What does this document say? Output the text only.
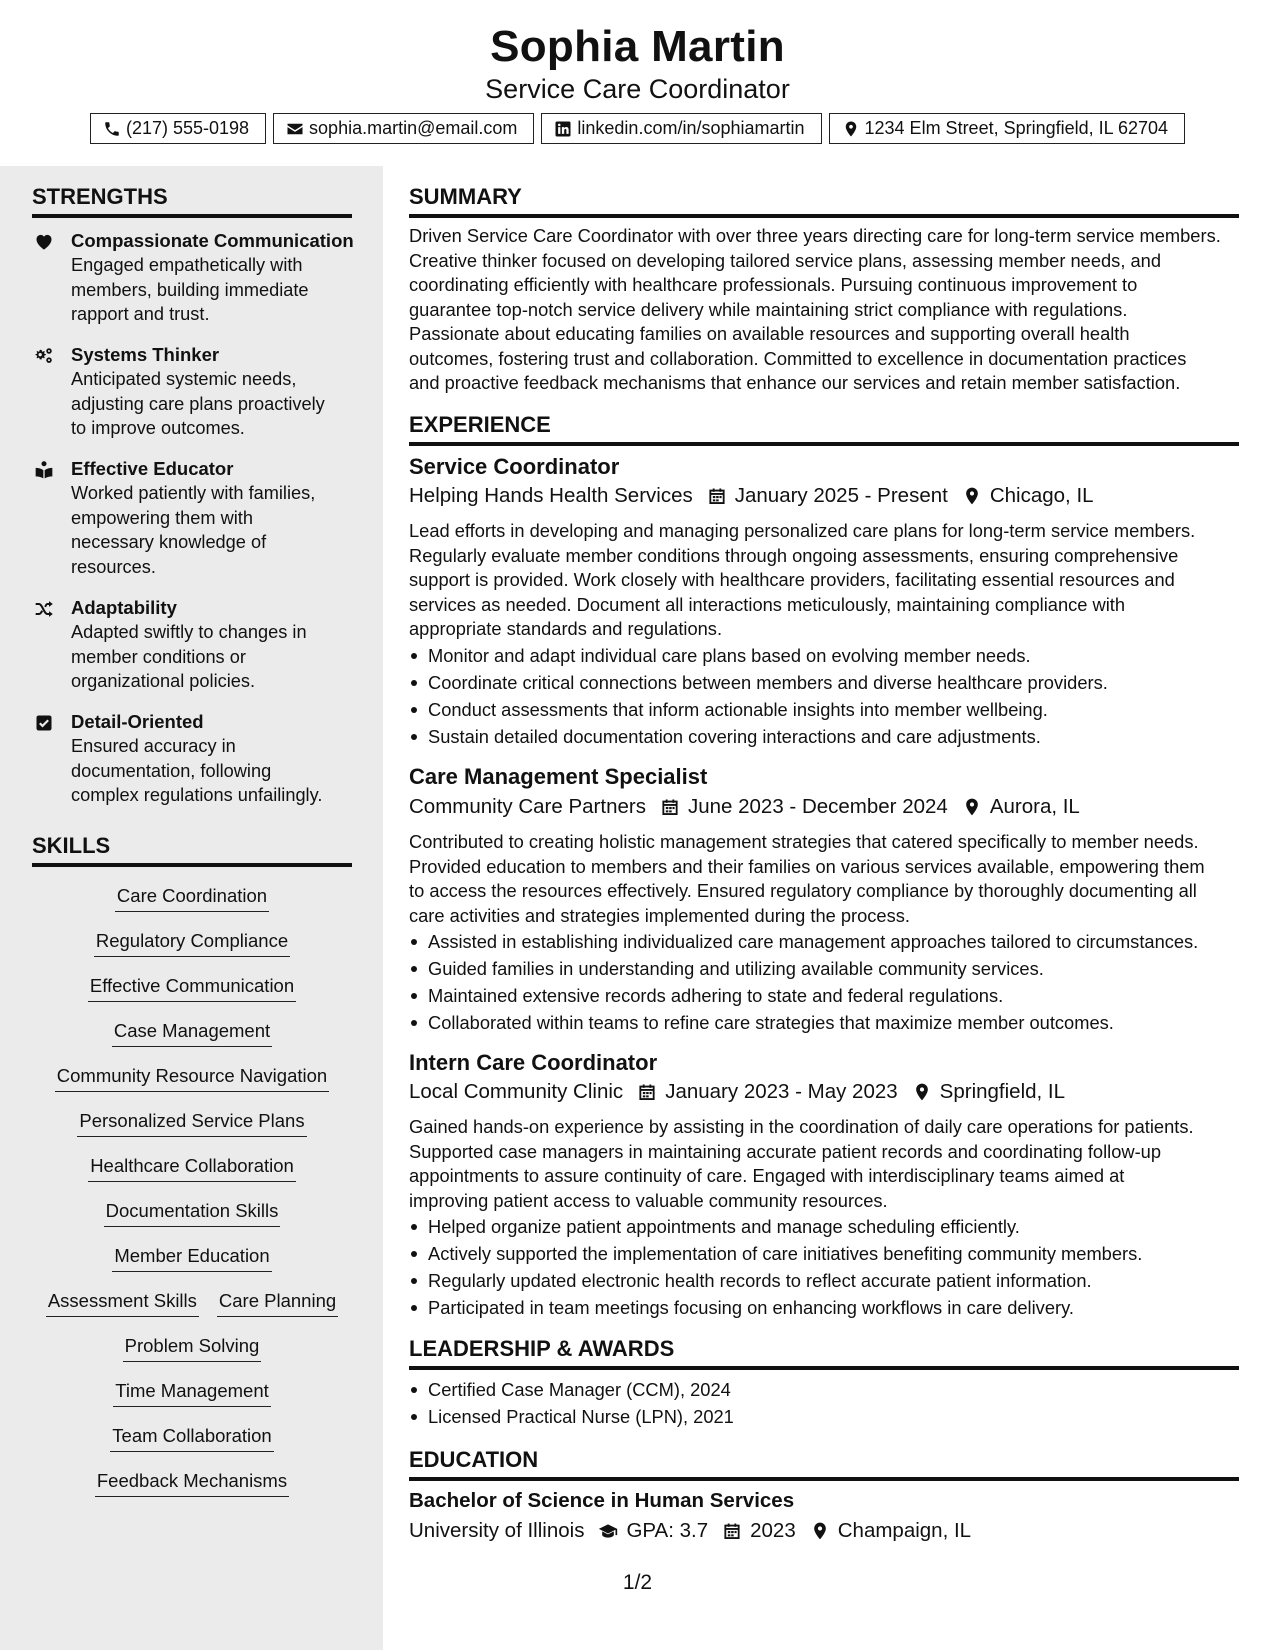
Sophia Martin
Service Care Coordinator
(217) 555-0198	sophia.martin@email.com	linkedin.com/in/sophiamartin	1234 Elm Street, Springfield, IL 62704
STRENGTHS
Compassionate Communication
Engaged empathetically with
members, building immediate
rapport and trust.
Systems Thinker
Anticipated systemic needs,
adjusting care plans proactively
to improve outcomes.
Effective Educator
Worked patiently with families,
empowering them with
necessary knowledge of
resources.
Adaptability
Adapted swiftly to changes in
member conditions or
organizational policies.
Detail-Oriented
Ensured accuracy in
documentation, following
complex regulations unfailingly.
SKILLS
Care Coordination
Regulatory Compliance
Effective Communication
Case Management
Community Resource Navigation
Personalized Service Plans
Healthcare Collaboration
Documentation Skills
Member Education
Assessment Skills Care Planning
Problem Solving
Time Management
Team Collaboration
Feedback Mechanisms
SUMMARY
Driven Service Care Coordinator with over three years directing care for long-term service members.
Creative thinker focused on developing tailored service plans, assessing member needs, and
coordinating efficiently with healthcare professionals. Pursuing continuous improvement to
guarantee top-notch service delivery while maintaining strict compliance with regulations.
Passionate about educating families on available resources and supporting overall health
outcomes, fostering trust and collaboration. Committed to excellence in documentation practices
and proactive feedback mechanisms that enhance our services and retain member satisfaction.
EXPERIENCE
Service Coordinator
Helping Hands Health Services January 2025 - Present Chicago, IL
Lead efforts in developing and managing personalized care plans for long-term service members.
Regularly evaluate member conditions through ongoing assessments, ensuring comprehensive
support is provided. Work closely with healthcare providers, facilitating essential resources and
services as needed. Document all interactions meticulously, maintaining compliance with
appropriate standards and regulations.
Monitor and adapt individual care plans based on evolving member needs.
Coordinate critical connections between members and diverse healthcare providers.
Conduct assessments that inform actionable insights into member wellbeing.
Sustain detailed documentation covering interactions and care adjustments.
Care Management Specialist
Community Care Partners June 2023 - December 2024 Aurora, IL
Contributed to creating holistic management strategies that catered specifically to member needs.
Provided education to members and their families on various services available, empowering them
to access the resources effectively. Ensured regulatory compliance by thoroughly documenting all
care activities and strategies implemented during the process.
Assisted in establishing individualized care management approaches tailored to circumstances.
Guided families in understanding and utilizing available community services.
Maintained extensive records adhering to state and federal regulations.
Collaborated within teams to refine care strategies that maximize member outcomes.
Intern Care Coordinator
Local Community Clinic January 2023 - May 2023 Springfield, IL
Gained hands-on experience by assisting in the coordination of daily care operations for patients.
Supported case managers in maintaining accurate patient records and coordinating follow-up
appointments to assure continuity of care. Engaged with interdisciplinary teams aimed at
improving patient access to valuable community resources.
Helped organize patient appointments and manage scheduling efficiently.
Actively supported the implementation of care initiatives benefiting community members.
Regularly updated electronic health records to reflect accurate patient information.
Participated in team meetings focusing on enhancing workflows in care delivery.
LEADERSHIP & AWARDS
Certified Case Manager (CCM), 2024
Licensed Practical Nurse (LPN), 2021
EDUCATION
Bachelor of Science in Human Services
University of Illinois GPA: 3.7 2023 Champaign, IL
1/2
